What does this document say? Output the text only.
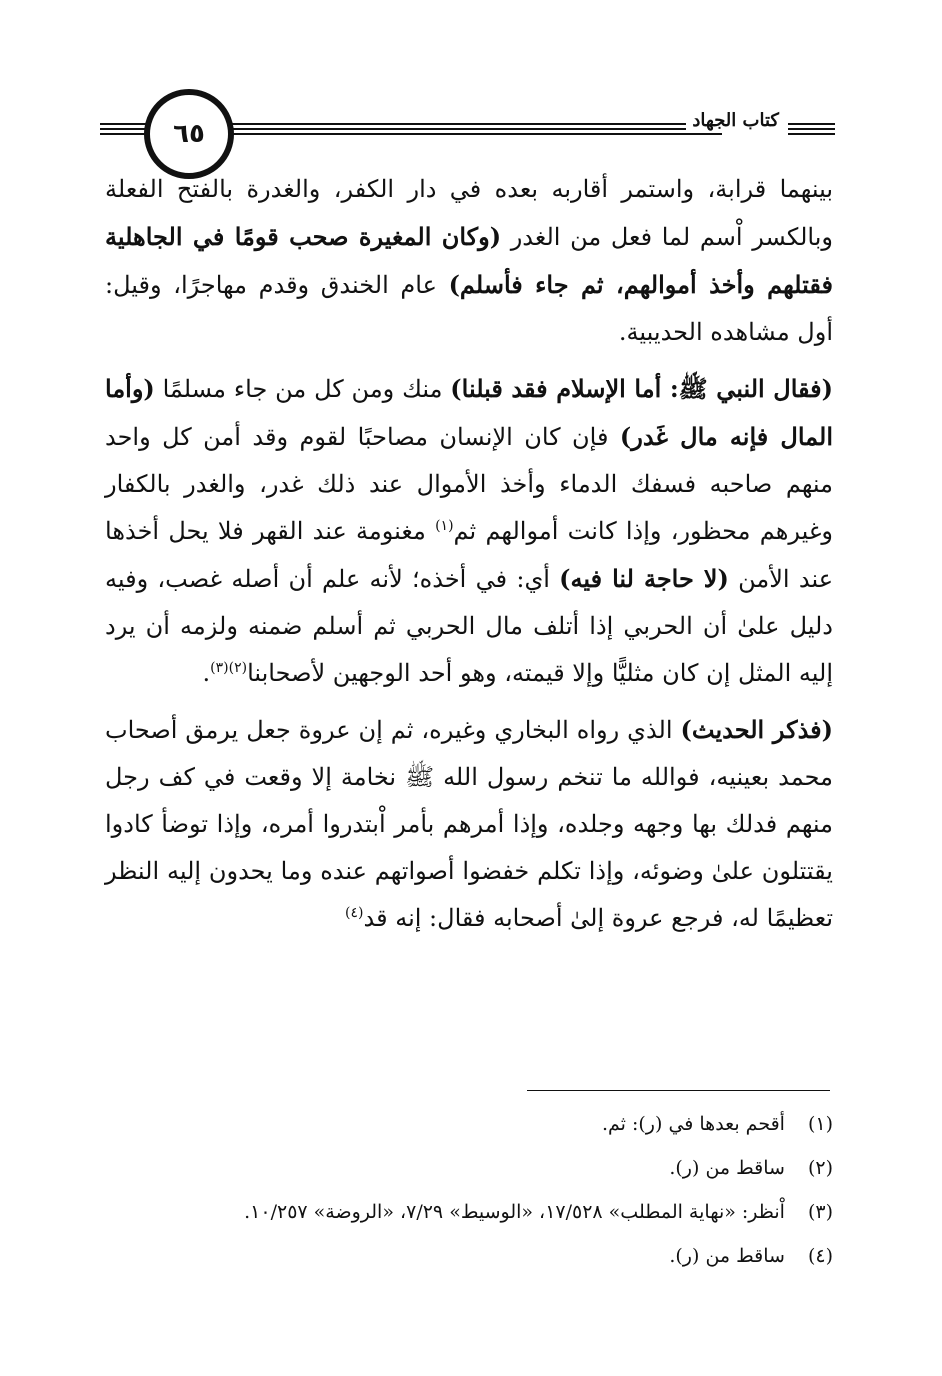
٦٥	كتاب الجهاد

بينهما قرابة، واستمر أقاربه بعده في دار الكفر، والغدرة بالفتح الفعلة وبالكسر اْسم لما فعل من الغدر (وكان المغيرة صحب قومًا في الجاهلية فقتلهم وأخذ أموالهم، ثم جاء فأسلم) عام الخندق وقدم مهاجرًا، وقيل: أول مشاهده الحديبية.

(فقال النبي ﷺ: أما الإسلام فقد قبلنا) منك ومن كل من جاء مسلمًا (وأما المال فإنه مال غَدر) فإن كان الإنسان مصاحبًا لقوم وقد أمن كل واحد منهم صاحبه فسفك الدماء وأخذ الأموال عند ذلك غدر، والغدر بالكفار وغيرهم محظور، وإذا كانت أموالهم ثم$^{(١)}$ مغنومة عند القهر فلا يحل أخذها عند الأمن (لا حاجة لنا فيه) أي: في أخذه؛ لأنه علم أن أصله غصب، وفيه دليل علىٰ أن الحربي إذا أتلف مال الحربي ثم أسلم ضمنه ولزمه أن يرد إليه المثل إن كان مثليًّا وإلا قيمته، وهو أحد الوجهين لأصحابنا$^{(٢)(٣)}$.

(فذكر الحديث) الذي رواه البخاري وغيره، ثم إن عروة جعل يرمق أصحاب محمد بعينيه، فوالله ما تنخم رسول الله ﷺ نخامة إلا وقعت في كف رجل منهم فدلك بها وجهه وجلده، وإذا أمرهم بأمر اْبتدروا أمره، وإذا توضأ كادوا يقتتلون علىٰ وضوئه، وإذا تكلم خفضوا أصواتهم عنده وما يحدون إليه النظر تعظيمًا له، فرجع عروة إلىٰ أصحابه فقال: إنه قد$^{(٤)}$

(١) أقحم بعدها في (ر): ثم.
(٢) ساقط من (ر).
(٣) اْنظر: «نهاية المطلب» ١٧/٥٢٨، «الوسيط» ٧/٢٩، «الروضة» ١٠/٢٥٧.
(٤) ساقط من (ر).
